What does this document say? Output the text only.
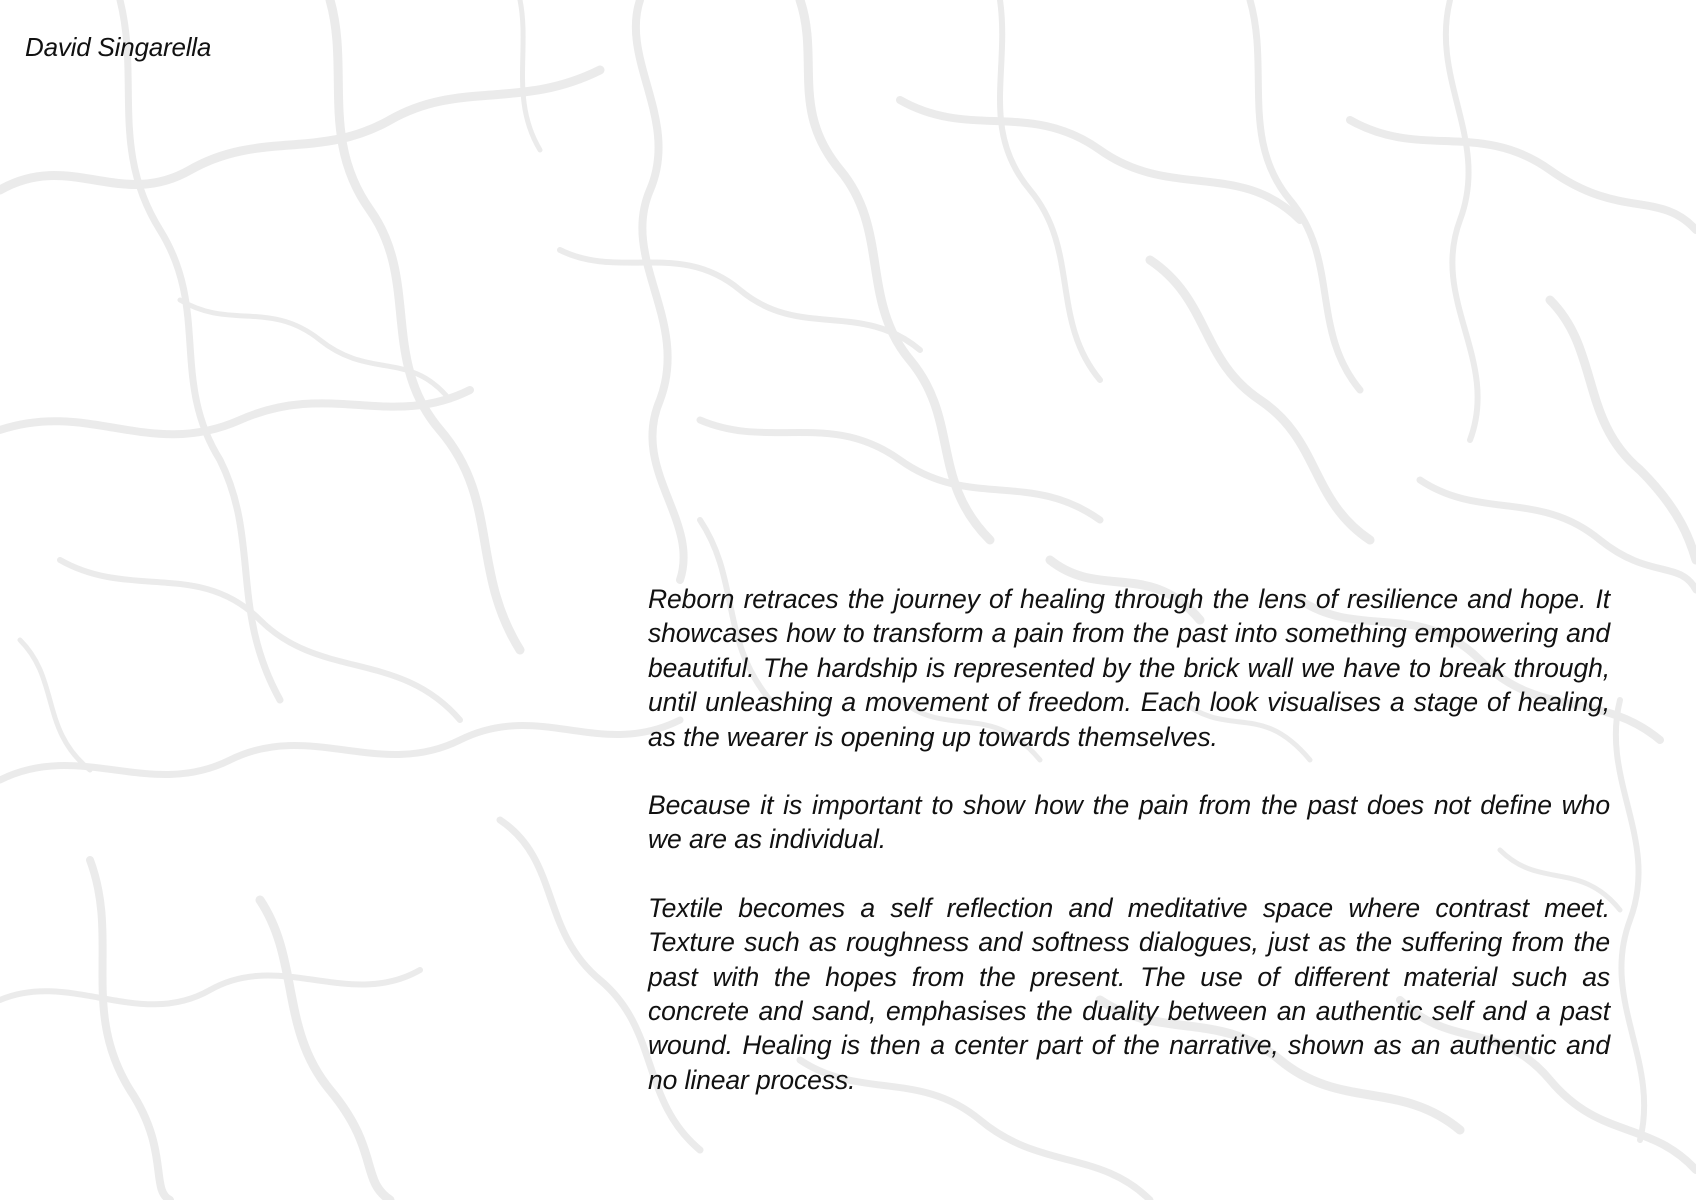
David Singarella

Reborn retraces the journey of healing through the lens of resilience and hope. It showcases how to transform a pain from the past into something empowering and beautiful. The hardship is represented by the brick wall we have to break through, until unleashing a movement of freedom. Each look visualises a stage of healing, as the wearer is opening up towards themselves.

Because it is important to show how the pain from the past does not define who we are as individual.

Textile becomes a self reflection and meditative space where contrast meet. Texture such as roughness and softness dialogues, just as the suffering from the past with the hopes from the present. The use of different material such as concrete and sand, emphasises the duality between an authentic self and a past wound. Healing is then a center part of the narrative, shown as an authentic and no linear process.
